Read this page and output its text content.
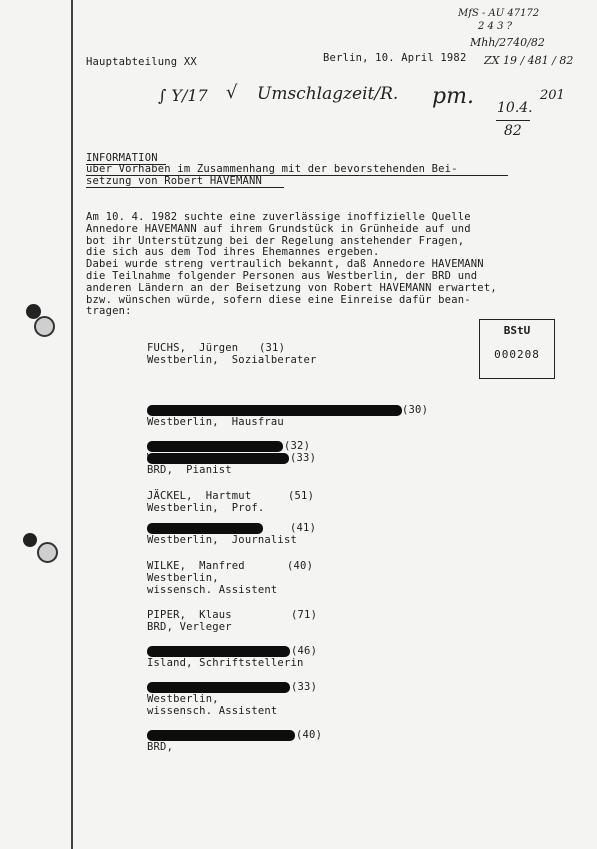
MfS - AU 47172
2 4 3 ?
Mhh/2740/82
ZX 19 / 481 / 82
Hauptabteilung XX	Berlin, 10. April 1982
∫ Y/17 √ Umschlagzeit/R. pm. 10.4.
82
201
INFORMATION
über Vorhaben im Zusammenhang mit der bevorstehenden Bei-
setzung von Robert HAVEMANN
Am 10. 4. 1982 suchte eine zuverlässige inoffizielle Quelle
Annedore HAVEMANN auf ihrem Grundstück in Grünheide auf und
bot ihr Unterstützung bei der Regelung anstehender Fragen,
die sich aus dem Tod ihres Ehemannes ergeben.
Dabei wurde streng vertraulich bekannt, daß Annedore HAVEMANN
die Teilnahme folgender Personen aus Westberlin, der BRD und
anderen Ländern an der Beisetzung von Robert HAVEMANN erwartet,
bzw. wünschen würde, sofern diese eine Einreise dafür bean-
tragen:
BStU
000208
FUCHS,  Jürgen (31)
Westberlin,  Sozialberater
(30)
Westberlin,  Hausfrau
(32)
(33)
BRD,  Pianist
JÄCKEL,  Hartmut	(51)
Westberlin,  Prof.
(41)
Westberlin,  Journalist
WILKE,  Manfred	(40)
Westberlin,
wissensch. Assistent
PIPER,  Klaus	(71)
BRD, Verleger
(46)
Island, Schriftstellerin
(33)
Westberlin,
wissensch. Assistent
(40)
BRD,
